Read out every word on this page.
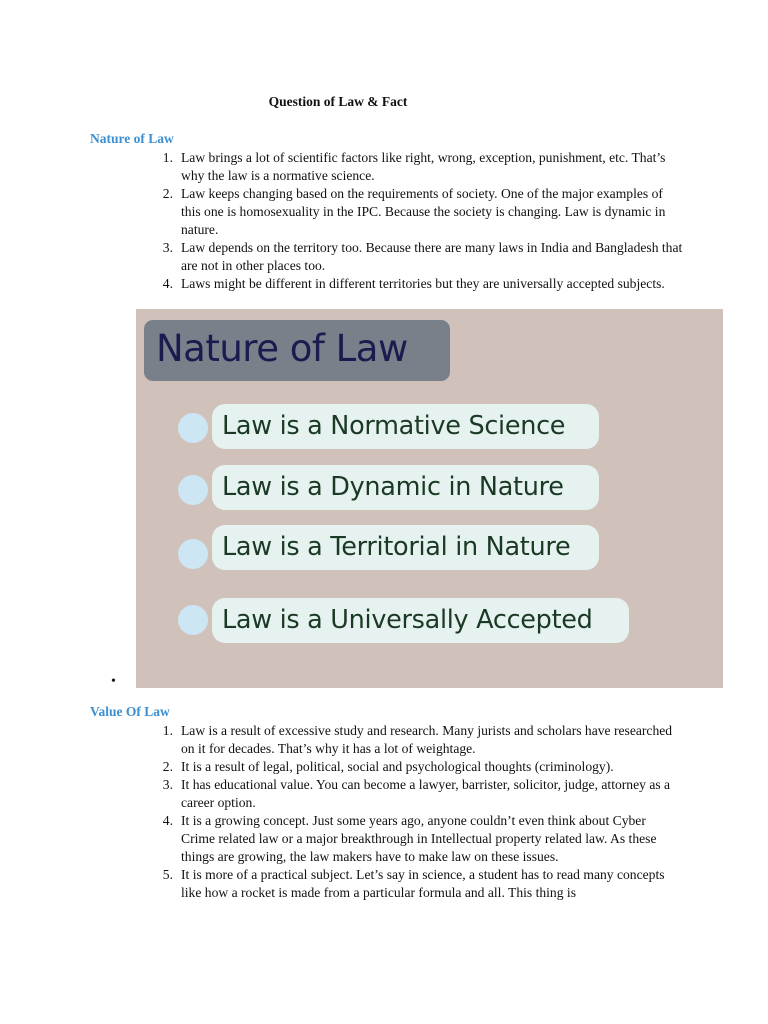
Question of Law & Fact
Nature of Law
1. Law brings a lot of scientific factors like right, wrong, exception, punishment, etc. That’s why the law is a normative science.
2. Law keeps changing based on the requirements of society. One of the major examples of this one is homosexuality in the IPC. Because the society is changing. Law is dynamic in nature.
3. Law depends on the territory too. Because there are many laws in India and Bangladesh that are not in other places too.
4. Laws might be different in different territories but they are universally accepted subjects.
Nature of Law
Law is a Normative Science
Law is a Dynamic in Nature
Law is a Territorial in Nature
Law is a Universally Accepted
•
Value Of Law
1. Law is a result of excessive study and research. Many jurists and scholars have researched on it for decades. That’s why it has a lot of weightage.
2. It is a result of legal, political, social and psychological thoughts (criminology).
3. It has educational value. You can become a lawyer, barrister, solicitor, judge, attorney as a career option.
4. It is a growing concept. Just some years ago, anyone couldn’t even think about Cyber Crime related law or a major breakthrough in Intellectual property related law. As these things are growing, the law makers have to make law on these issues.
5. It is more of a practical subject. Let’s say in science, a student has to read many concepts like how a rocket is made from a particular formula and all. This thing is
